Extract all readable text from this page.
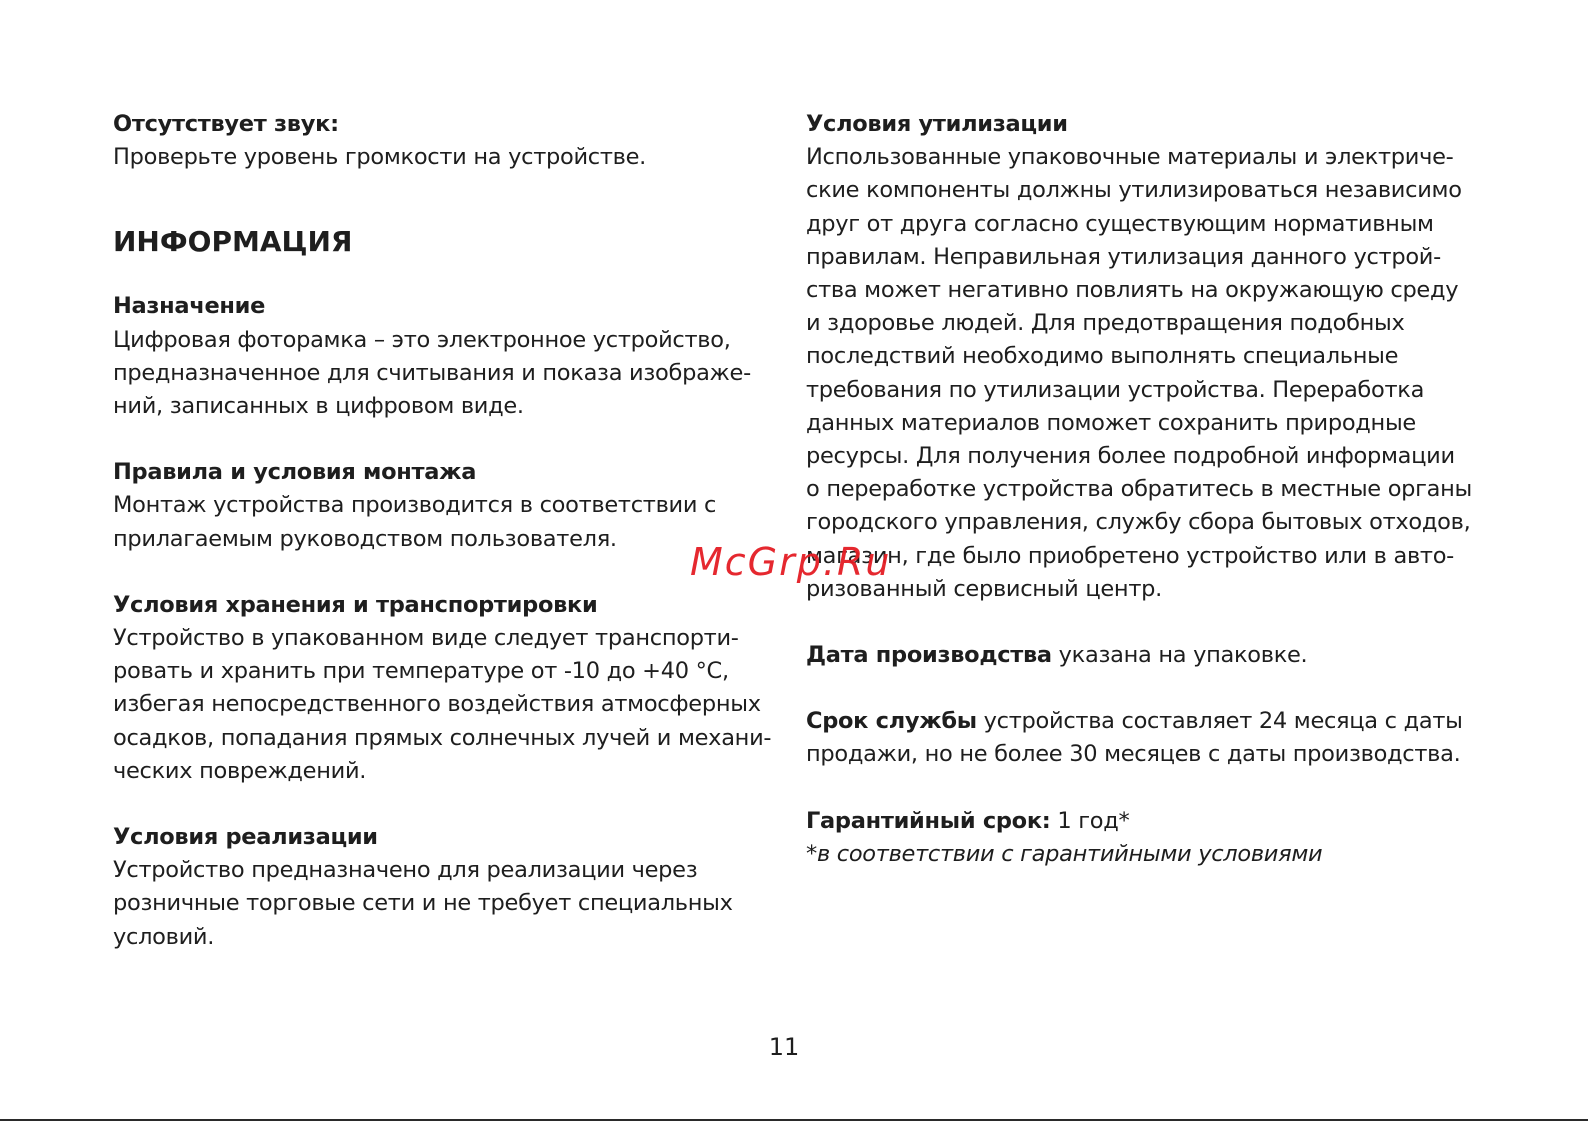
Отсутствует звук:
Проверьте уровень громкости на устройстве.
ИНФОРМАЦИЯ
Назначение
Цифровая фоторамка – это электронное устройство,
предназначенное для считывания и показа изображе-
ний, записанных в цифровом виде.
Правила и условия монтажа
Монтаж устройства производится в соответствии с
прилагаемым руководством пользователя.
Условия хранения и транспортировки
Устройство в упакованном виде следует транспорти-
ровать и хранить при температуре от -10 до +40 °С,
избегая непосредственного воздействия атмосферных
осадков, попадания прямых солнечных лучей и механи-
ческих повреждений.
Условия реализации
Устройство предназначено для реализации через
розничные торговые сети и не требует специальных
условий.
Условия утилизации
Использованные упаковочные материалы и электриче-
ские компоненты должны утилизироваться независимо
друг от друга согласно существующим нормативным
правилам. Неправильная утилизация данного устрой-
ства может негативно повлиять на окружающую среду
и здоровье людей. Для предотвращения подобных
последствий необходимо выполнять специальные
требования по утилизации устройства. Переработка
данных материалов поможет сохранить природные
ресурсы. Для получения более подробной информации
о переработке устройства обратитесь в местные органы
городского управления, службу сбора бытовых отходов,
магазин, где было приобретено устройство или в авто-
ризованный сервисный центр.
Дата производства указана на упаковке.
Срок службы устройства составляет 24 месяца с даты
продажи, но не более 30 месяцев с даты производства.
Гарантийный срок: 1 год*
*в соответствии с гарантийными условиями
McGrp.Ru
11
